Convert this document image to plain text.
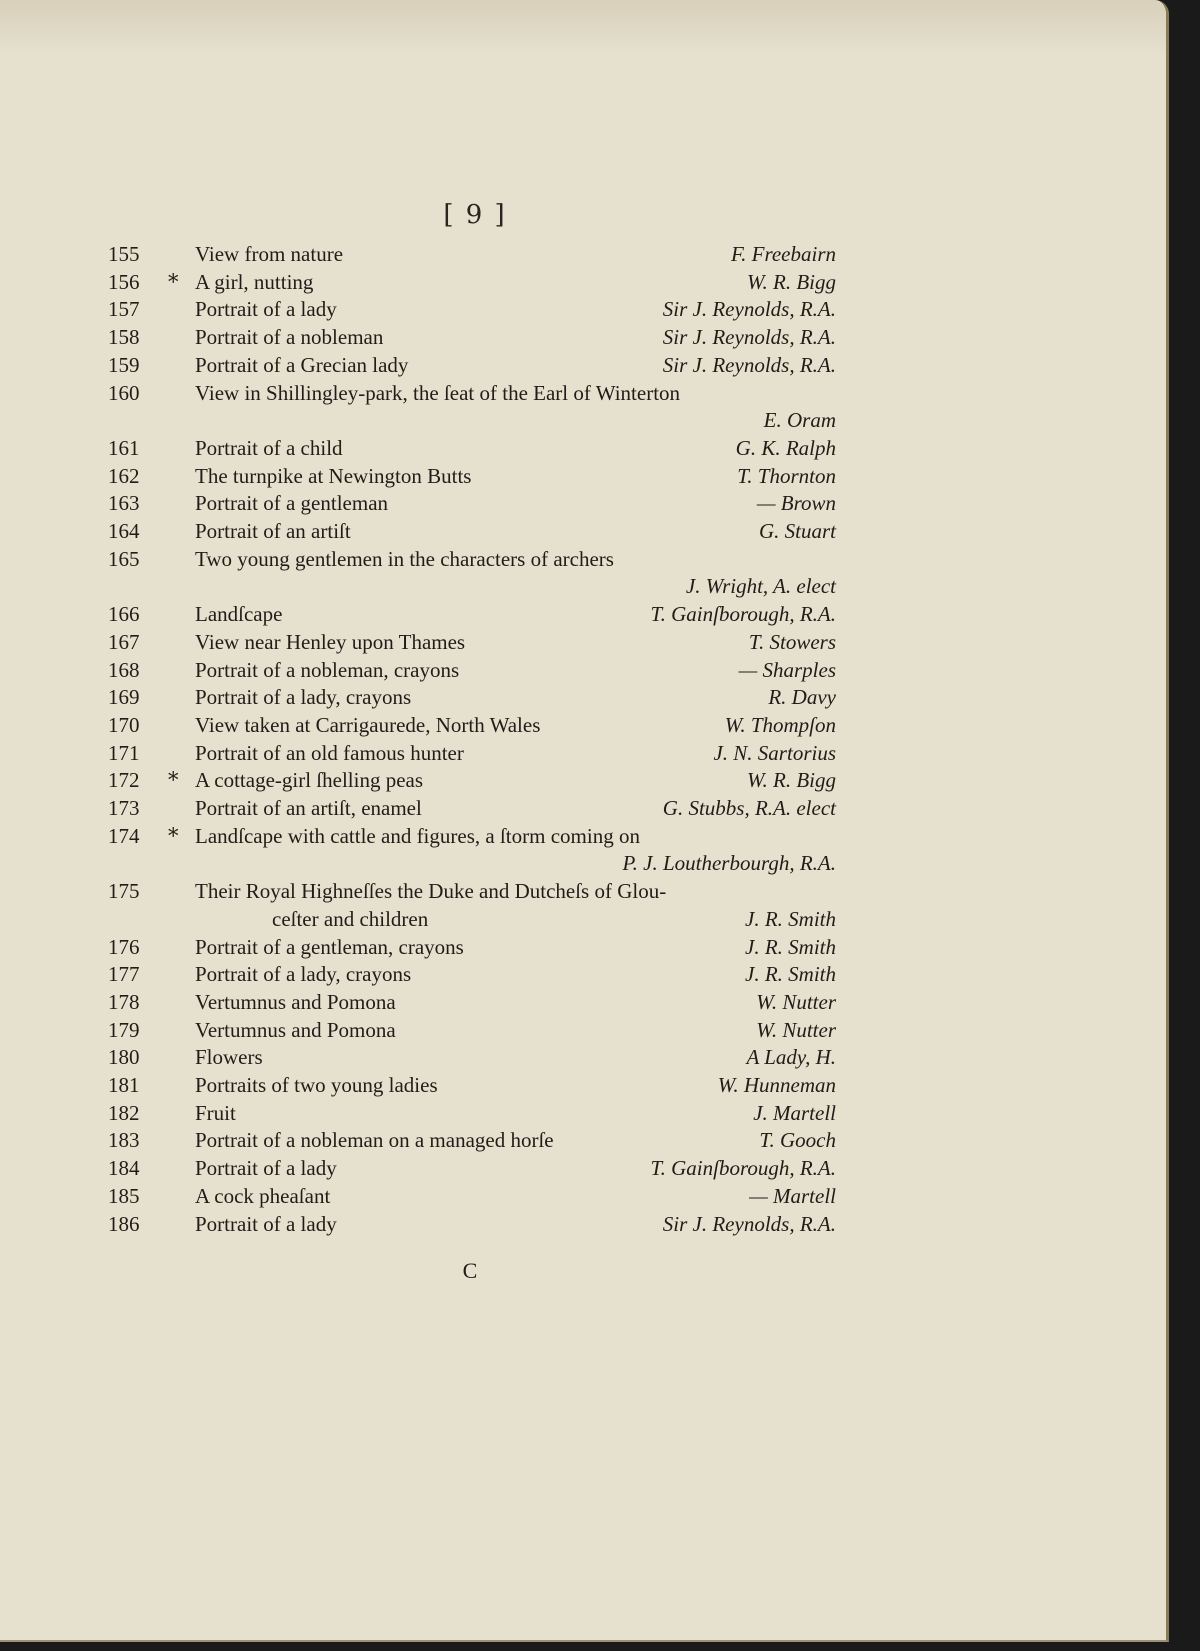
[ 9 ]
155	View from nature	F. Freebairn
156	* A girl, nutting	W. R. Bigg
157	Portrait of a lady	Sir J. Reynolds, R.A.
158	Portrait of a nobleman	Sir J. Reynolds, R.A.
159	Portrait of a Grecian lady	Sir J. Reynolds, R.A.
160	View in Shillingley-park, the ſeat of the Earl of Winterton
E. Oram
161	Portrait of a child	G. K. Ralph
162	The turnpike at Newington Butts	T. Thornton
163	Portrait of a gentleman	— Brown
164	Portrait of an artiſt	G. Stuart
165	Two young gentlemen in the characters of archers
J. Wright, A. elect
166	Landſcape	T. Gainſborough, R.A.
167	View near Henley upon Thames	T. Stowers
168	Portrait of a nobleman, crayons	— Sharples
169	Portrait of a lady, crayons	R. Davy
170	View taken at Carrigaurede, North Wales	W. Thompſon
171	Portrait of an old famous hunter	J. N. Sartorius
172	* A cottage-girl ſhelling peas	W. R. Bigg
173	Portrait of an artiſt, enamel	G. Stubbs, R.A. elect
174	* Landſcape with cattle and figures, a ſtorm coming on
P. J. Loutherbourgh, R.A.
175	Their Royal Highneſſes the Duke and Dutcheſs of Glou-
ceſter and children	J. R. Smith
176	Portrait of a gentleman, crayons	J. R. Smith
177	Portrait of a lady, crayons	J. R. Smith
178	Vertumnus and Pomona	W. Nutter
179	Vertumnus and Pomona	W. Nutter
180	Flowers	A Lady, H.
181	Portraits of two young ladies	W. Hunneman
182	Fruit	J. Martell
183	Portrait of a nobleman on a managed horſe	T. Gooch
184	Portrait of a lady	T. Gainſborough, R.A.
185	A cock pheaſant	— Martell
186	Portrait of a lady	Sir J. Reynolds, R.A.
C
